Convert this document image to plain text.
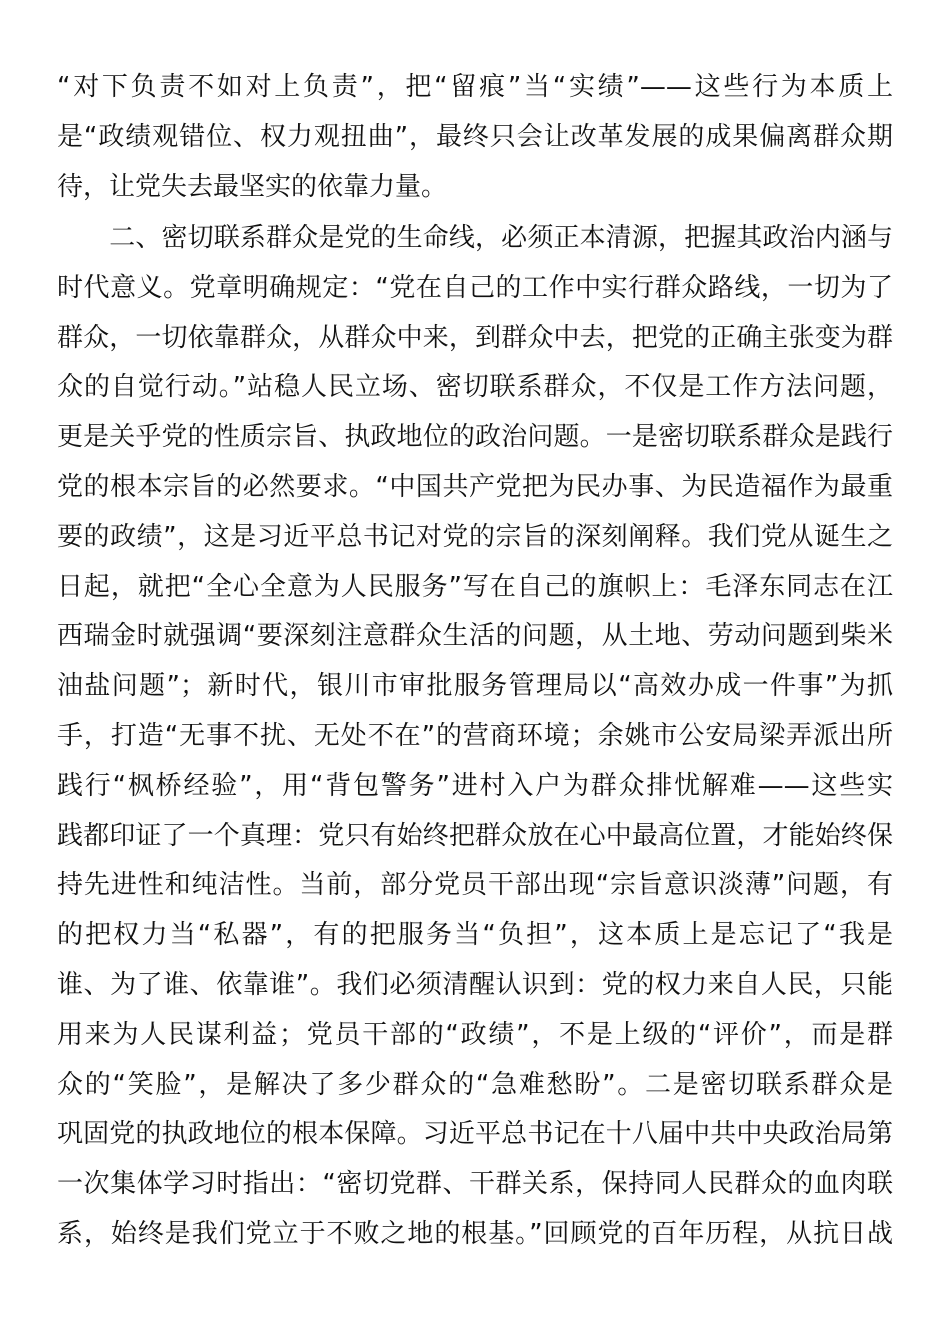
“对下负责不如对上负责”，把“留痕”当“实绩”——这些行为本质上
是“政绩观错位、权力观扭曲”，最终只会让改革发展的成果偏离群众期
待，让党失去最坚实的依靠力量。
　　二、密切联系群众是党的生命线，必须正本清源，把握其政治内涵与
时代意义。党章明确规定：“党在自己的工作中实行群众路线，一切为了
群众，一切依靠群众，从群众中来，到群众中去，把党的正确主张变为群
众的自觉行动。”站稳人民立场、密切联系群众，不仅是工作方法问题，
更是关乎党的性质宗旨、执政地位的政治问题。一是密切联系群众是践行
党的根本宗旨的必然要求。“中国共产党把为民办事、为民造福作为最重
要的政绩”，这是习近平总书记对党的宗旨的深刻阐释。我们党从诞生之
日起，就把“全心全意为人民服务”写在自己的旗帜上：毛泽东同志在江
西瑞金时就强调“要深刻注意群众生活的问题，从土地、劳动问题到柴米
油盐问题”；新时代，银川市审批服务管理局以“高效办成一件事”为抓
手，打造“无事不扰、无处不在”的营商环境；余姚市公安局梁弄派出所
践行“枫桥经验”，用“背包警务”进村入户为群众排忧解难——这些实
践都印证了一个真理：党只有始终把群众放在心中最高位置，才能始终保
持先进性和纯洁性。当前，部分党员干部出现“宗旨意识淡薄”问题，有
的把权力当“私器”，有的把服务当“负担”，这本质上是忘记了“我是
谁、为了谁、依靠谁”。我们必须清醒认识到：党的权力来自人民，只能
用来为人民谋利益；党员干部的“政绩”，不是上级的“评价”，而是群
众的“笑脸”，是解决了多少群众的“急难愁盼”。二是密切联系群众是
巩固党的执政地位的根本保障。习近平总书记在十八届中共中央政治局第
一次集体学习时指出：“密切党群、干群关系，保持同人民群众的血肉联
系，始终是我们党立于不败之地的根基。”回顾党的百年历程，从抗日战
